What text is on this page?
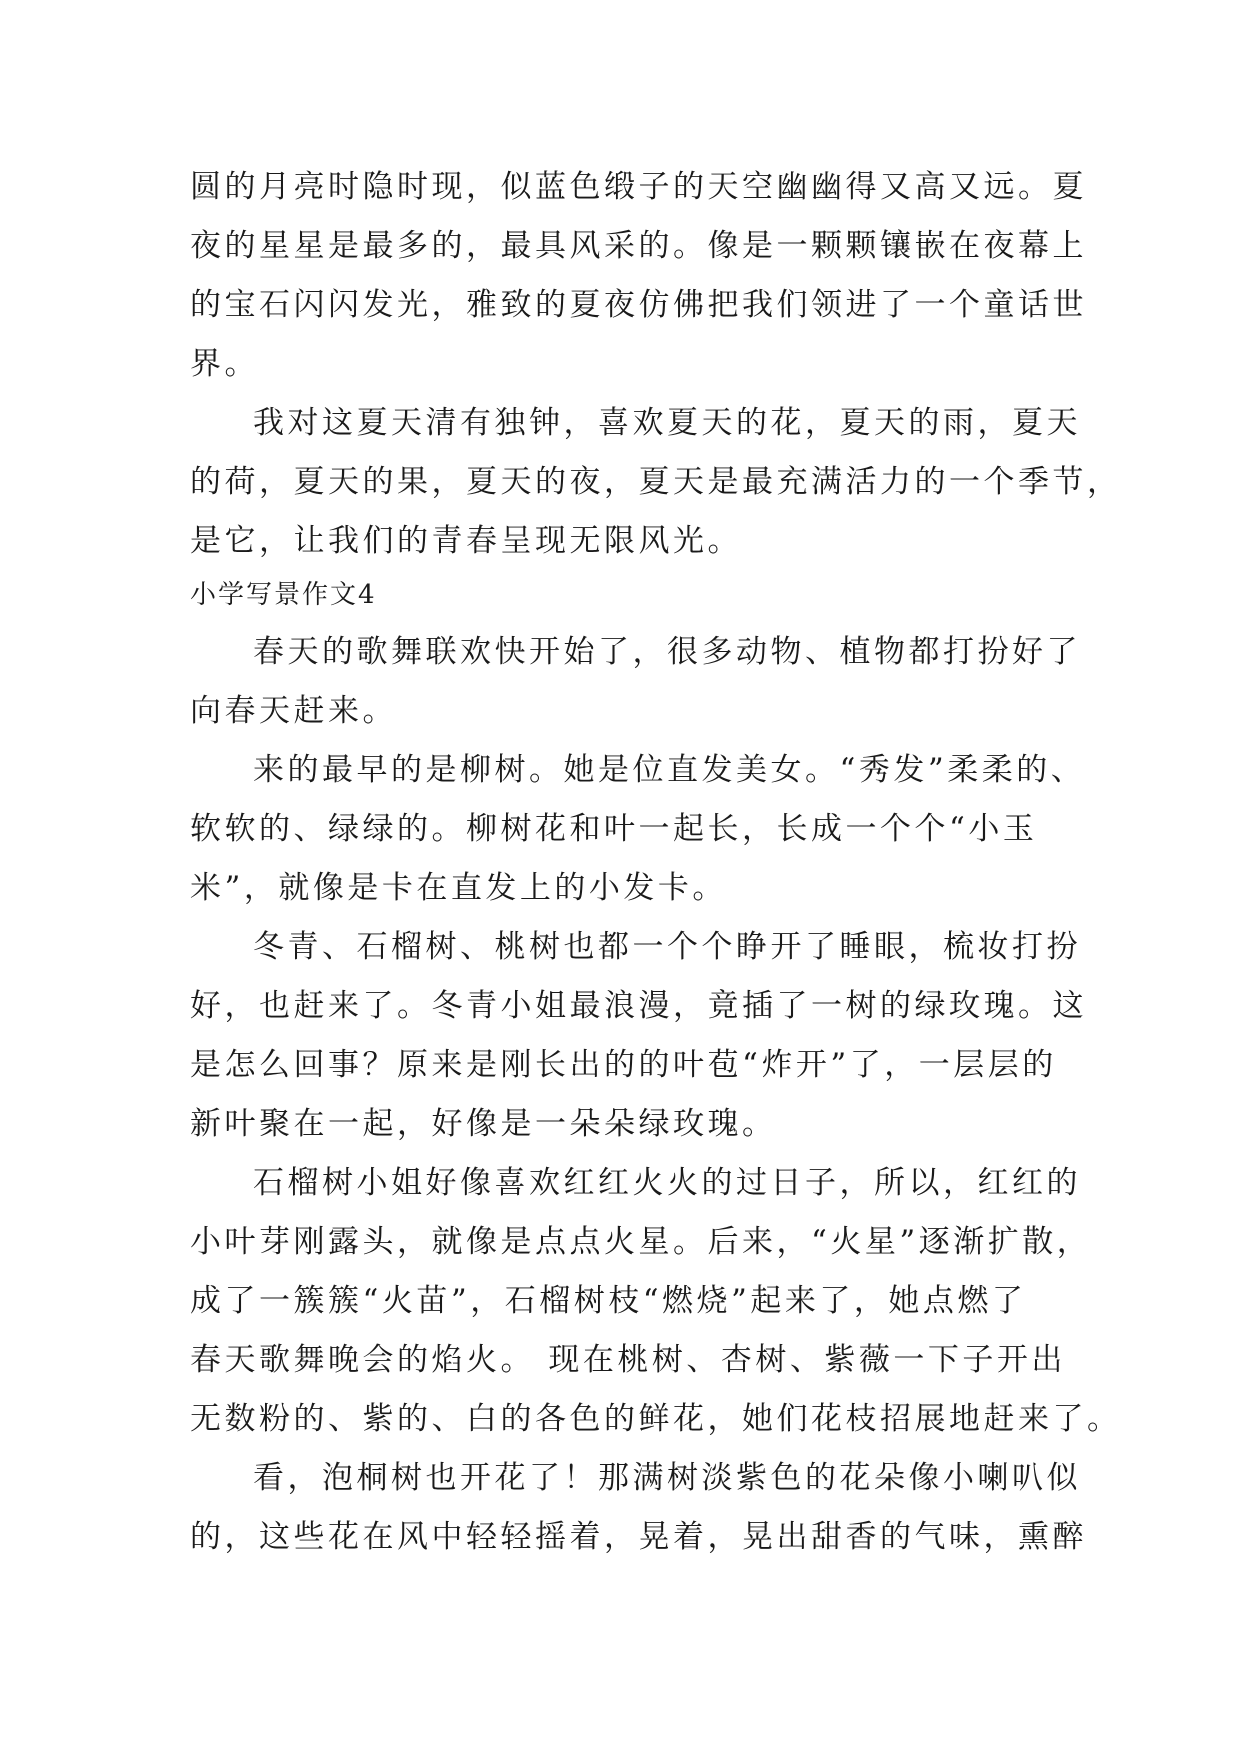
圆的月亮时隐时现，似蓝色缎子的天空幽幽得又高又远。夏
夜的星星是最多的，最具风采的。像是一颗颗镶嵌在夜幕上
的宝石闪闪发光，雅致的夏夜仿佛把我们领进了一个童话世
界。
我对这夏天清有独钟，喜欢夏天的花，夏天的雨，夏天
的荷，夏天的果，夏天的夜，夏天是最充满活力的一个季节，
是它，让我们的青春呈现无限风光。
小学写景作文4
春天的歌舞联欢快开始了，很多动物、植物都打扮好了
向春天赶来。
来的最早的是柳树。她是位直发美女。“秀发”柔柔的、
软软的、绿绿的。柳树花和叶一起长，长成一个个“小玉
米”，就像是卡在直发上的小发卡。
冬青、石榴树、桃树也都一个个睁开了睡眼，梳妆打扮
好，也赶来了。冬青小姐最浪漫，竟插了一树的绿玫瑰。这
是怎么回事？原来是刚长出的的叶苞“炸开”了，一层层的
新叶聚在一起，好像是一朵朵绿玫瑰。
石榴树小姐好像喜欢红红火火的过日子，所以，红红的
小叶芽刚露头，就像是点点火星。后来，“火星”逐渐扩散，
成了一簇簇“火苗”，石榴树枝“燃烧”起来了，她点燃了
春天歌舞晚会的焰火。 现在桃树、杏树、紫薇一下子开出
无数粉的、紫的、白的各色的鲜花，她们花枝招展地赶来了。
看，泡桐树也开花了！那满树淡紫色的花朵像小喇叭似
的，这些花在风中轻轻摇着，晃着，晃出甜香的气味，熏醉
